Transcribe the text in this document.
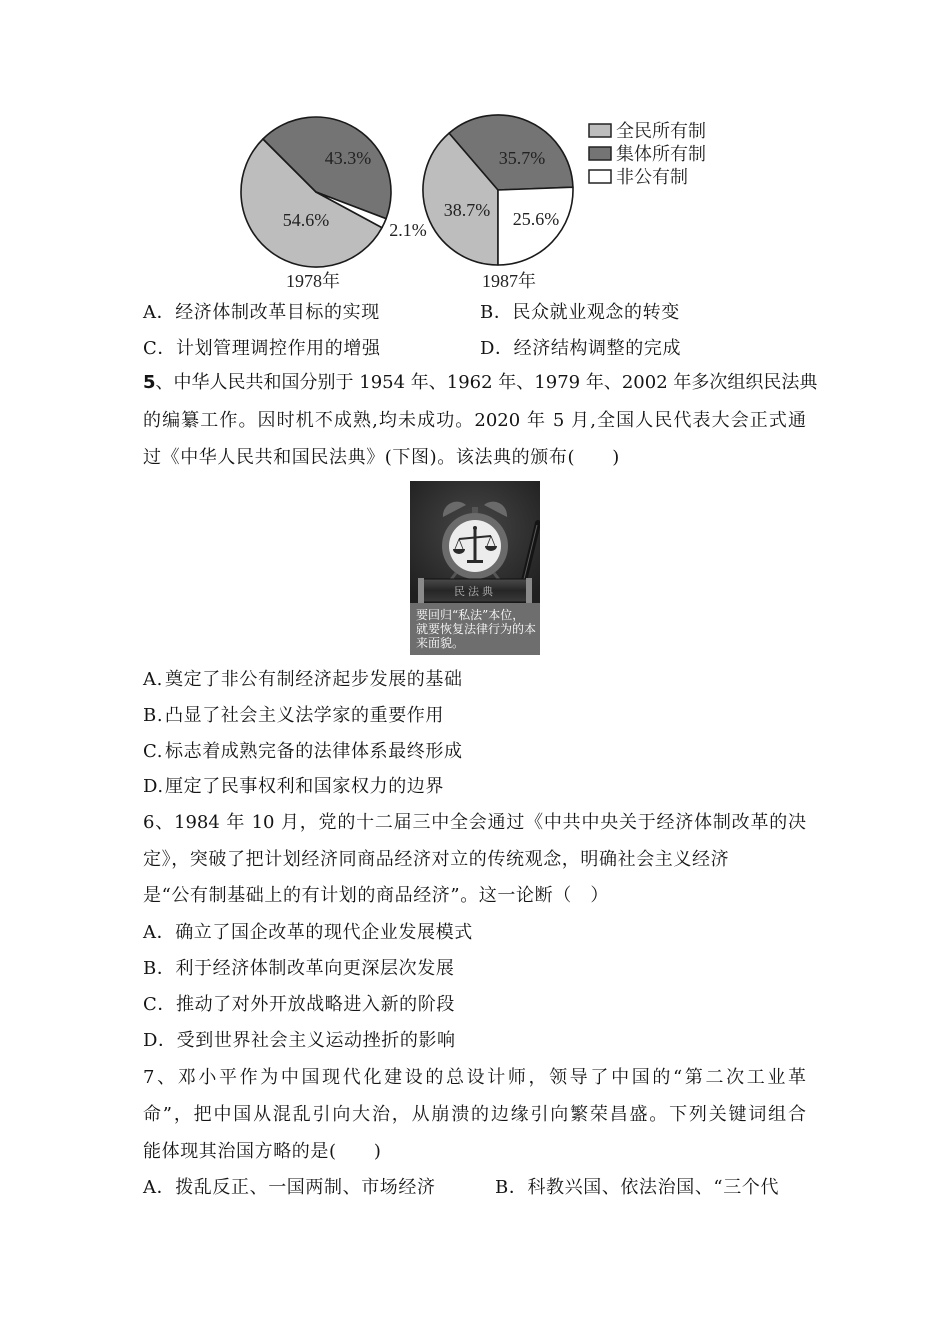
43.3%
54.6%	2.1%
1978年
35.7%
38.7% 25.6%
1987年
全民所有制
集体所有制
非公有制
A．经济体制改革目标的实现	B．民众就业观念的转变
C．计划管理调控作用的增强	D．经济结构调整的完成
5、中华人民共和国分别于 1954 年、1962 年、1979 年、2002 年多次组织民法典
的编纂工作。因时机不成熟,均未成功。2020 年 5 月,全国人民代表大会正式通
过《中华人民共和国民法典》(下图)。该法典的颁布(　　)
民法典
要回归“私法”本位，
就要恢复法律行为的本
来面貌。
A. 奠定了非公有制经济起步发展的基础
B. 凸显了社会主义法学家的重要作用
C. 标志着成熟完备的法律体系最终形成
D.厘定了民事权利和国家权力的边界
6、1984 年 10 月，党的十二届三中全会通过《中共中央关于经济体制改革的决
定》，突破了把计划经济同商品经济对立的传统观念，明确社会主义经济
是“公有制基础上的有计划的商品经济”。这一论断（　）
A．确立了国企改革的现代企业发展模式
B．利于经济体制改革向更深层次发展
C．推动了对外开放战略进入新的阶段
D．受到世界社会主义运动挫折的影响
7、邓小平作为中国现代化建设的总设计师，领导了中国的“第二次工业革
命”，把中国从混乱引向大治，从崩溃的边缘引向繁荣昌盛。下列关键词组合
能体现其治国方略的是(　　)
A．拨乱反正、一国两制、市场经济	B．科教兴国、依法治国、“三个代
